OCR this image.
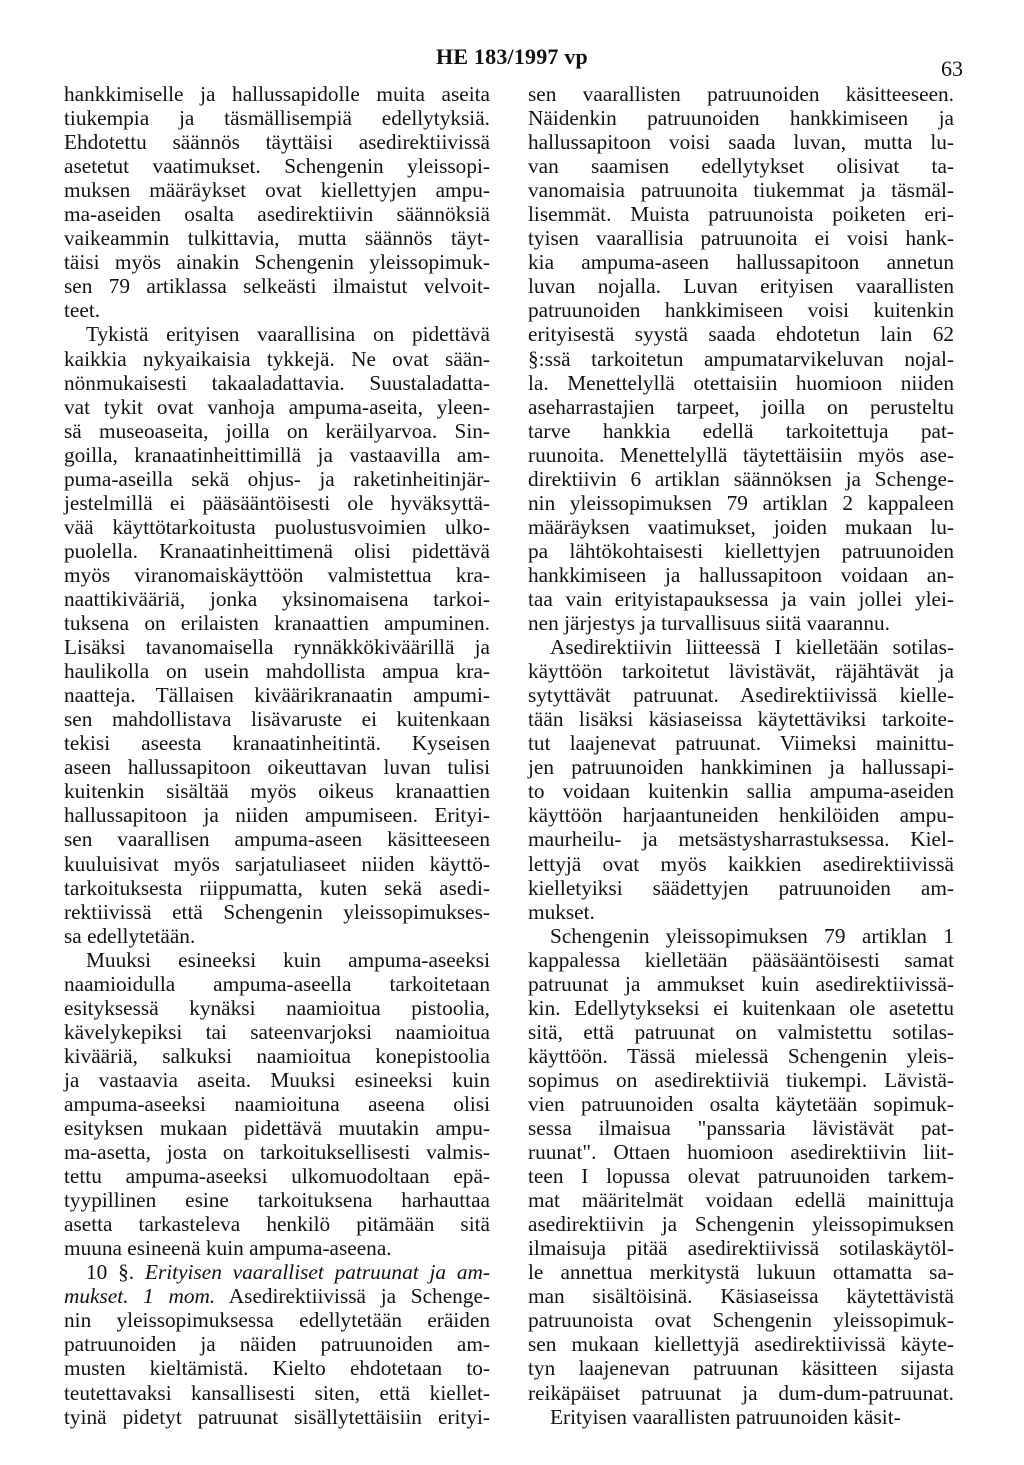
HE 183/1997 vp	63
hankkimiselle ja hallussapidolle muita aseita
tiukempia ja täsmällisempiä edellytyksiä.
Ehdotettu säännös täyttäisi asedirektiivissä
asetetut vaatimukset. Schengenin yleissopi-
muksen määräykset ovat kiellettyjen ampu-
ma-aseiden osalta asedirektiivin säännöksiä
vaikeammin tulkittavia, mutta säännös täyt-
täisi myös ainakin Schengenin yleissopimuk-
sen 79 artiklassa selkeästi ilmaistut velvoit-
teet.
Tykistä erityisen vaarallisina on pidettävä
kaikkia nykyaikaisia tykkejä. Ne ovat sään-
nönmukaisesti takaaladattavia. Suustaladatta-
vat tykit ovat vanhoja ampuma-aseita, yleen-
sä museoaseita, joilla on keräilyarvoa. Sin-
goilla, kranaatinheittimillä ja vastaavilla am-
puma-aseilla sekä ohjus- ja raketinheitinjär-
jestelmillä ei pääsääntöisesti ole hyväksyttä-
vää käyttötarkoitusta puolustusvoimien ulko-
puolella. Kranaatinheittimenä olisi pidettävä
myös viranomaiskäyttöön valmistettua kra-
naattikivääriä, jonka yksinomaisena tarkoi-
tuksena on erilaisten kranaattien ampuminen.
Lisäksi tavanomaisella rynnäkkökiväärillä ja
haulikolla on usein mahdollista ampua kra-
naatteja. Tällaisen kiväärikranaatin ampumi-
sen mahdollistava lisävaruste ei kuitenkaan
tekisi aseesta kranaatinheitintä. Kyseisen
aseen hallussapitoon oikeuttavan luvan tulisi
kuitenkin sisältää myös oikeus kranaattien
hallussapitoon ja niiden ampumiseen. Erityi-
sen vaarallisen ampuma-aseen käsitteeseen
kuuluisivat myös sarjatuliaseet niiden käyttö-
tarkoituksesta riippumatta, kuten sekä asedi-
rektiivissä että Schengenin yleissopimukses-
sa edellytetään.
Muuksi esineeksi kuin ampuma-aseeksi
naamioidulla ampuma-aseella tarkoitetaan
esityksessä kynäksi naamioitua pistoolia,
kävelykepiksi tai sateenvarjoksi naamioitua
kivääriä, salkuksi naamioitua konepistoolia
ja vastaavia aseita. Muuksi esineeksi kuin
ampuma-aseeksi naamioituna aseena olisi
esityksen mukaan pidettävä muutakin ampu-
ma-asetta, josta on tarkoituksellisesti valmis-
tettu ampuma-aseeksi ulkomuodoltaan epä-
tyypillinen esine tarkoituksena harhauttaa
asetta tarkasteleva henkilö pitämään sitä
muuna esineenä kuin ampuma-aseena.
10 §. Erityisen vaaralliset patruunat ja am-
mukset. 1 mom. Asedirektiivissä ja Schenge-
nin yleissopimuksessa edellytetään eräiden
patruunoiden ja näiden patruunoiden am-
musten kieltämistä. Kielto ehdotetaan to-
teutettavaksi kansallisesti siten, että kiellet-
tyinä pidetyt patruunat sisällytettäisiin erityi-
sen vaarallisten patruunoiden käsitteeseen.
Näidenkin patruunoiden hankkimiseen ja
hallussapitoon voisi saada luvan, mutta lu-
van saamisen edellytykset olisivat ta-
vanomaisia patruunoita tiukemmat ja täsmäl-
lisemmät. Muista patruunoista poiketen eri-
tyisen vaarallisia patruunoita ei voisi hank-
kia ampuma-aseen hallussapitoon annetun
luvan nojalla. Luvan erityisen vaarallisten
patruunoiden hankkimiseen voisi kuitenkin
erityisestä syystä saada ehdotetun lain 62
§:ssä tarkoitetun ampumatarvikeluvan nojal-
la. Menettelyllä otettaisiin huomioon niiden
aseharrastajien tarpeet, joilla on perusteltu
tarve hankkia edellä tarkoitettuja pat-
ruunoita. Menettelyllä täytettäisiin myös ase-
direktiivin 6 artiklan säännöksen ja Schenge-
nin yleissopimuksen 79 artiklan 2 kappaleen
määräyksen vaatimukset, joiden mukaan lu-
pa lähtökohtaisesti kiellettyjen patruunoiden
hankkimiseen ja hallussapitoon voidaan an-
taa vain erityistapauksessa ja vain jollei ylei-
nen järjestys ja turvallisuus siitä vaarannu.
Asedirektiivin liitteessä I kielletään sotilas-
käyttöön tarkoitetut lävistävät, räjähtävät ja
sytyttävät patruunat. Asedirektiivissä kielle-
tään lisäksi käsiaseissa käytettäviksi tarkoite-
tut laajenevat patruunat. Viimeksi mainittu-
jen patruunoiden hankkiminen ja hallussapi-
to voidaan kuitenkin sallia ampuma-aseiden
käyttöön harjaantuneiden henkilöiden ampu-
maurheilu- ja metsästysharrastuksessa. Kiel-
lettyjä ovat myös kaikkien asedirektiivissä
kielletyiksi säädettyjen patruunoiden am-
mukset.
Schengenin yleissopimuksen 79 artiklan 1
kappalessa kielletään pääsääntöisesti samat
patruunat ja ammukset kuin asedirektiivissä-
kin. Edellytykseksi ei kuitenkaan ole asetettu
sitä, että patruunat on valmistettu sotilas-
käyttöön. Tässä mielessä Schengenin yleis-
sopimus on asedirektiiviä tiukempi. Lävistä-
vien patruunoiden osalta käytetään sopimuk-
sessa ilmaisua "panssaria lävistävät pat-
ruunat". Ottaen huomioon asedirektiivin liit-
teen I lopussa olevat patruunoiden tarkem-
mat määritelmät voidaan edellä mainittuja
asedirektiivin ja Schengenin yleissopimuksen
ilmaisuja pitää asedirektiivissä sotilaskäytöl-
le annettua merkitystä lukuun ottamatta sa-
man sisältöisinä. Käsiaseissa käytettävistä
patruunoista ovat Schengenin yleissopimuk-
sen mukaan kiellettyjä asedirektiivissä käyte-
tyn laajenevan patruunan käsitteen sijasta
reikäpäiset patruunat ja dum-dum-patruunat.
Erityisen vaarallisten patruunoiden käsit-
